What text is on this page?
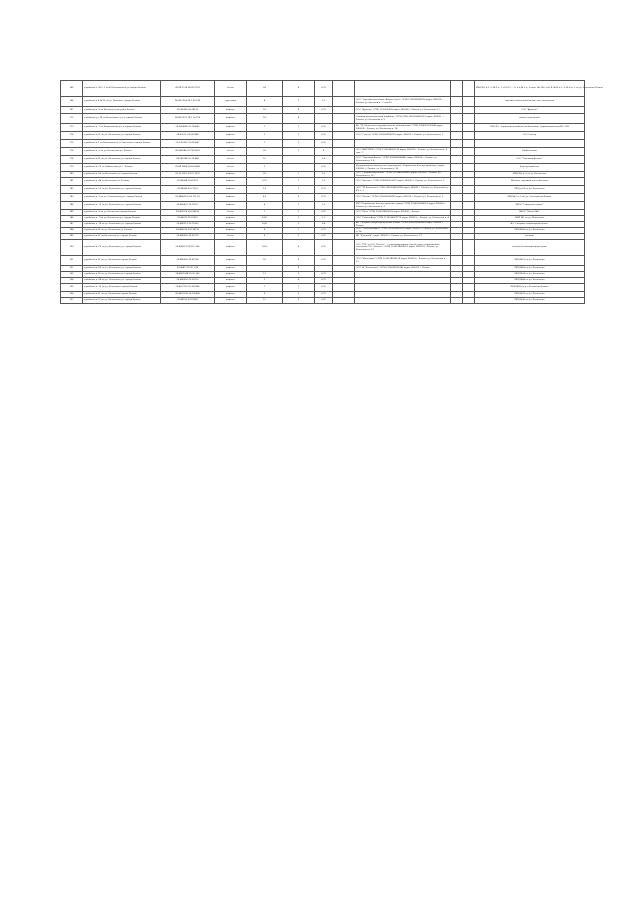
165	д.рабочие п. № 1, 1 по Б.Штативеская ул.города Рязани	28:28:7128 28:28:7129	бетон	24	4	0,75					МКД №1 д.1, 3, № 2 д. 1, 4 (9,11 — 1) и д.№ 2 д. 3 корп. №1 №2, д.4, 4, №10 д.1, 3, № 8 д. 1 по ул. Колхозная Рязань
166	д.рабочие д.6 № 33 по ул. Кремлев. города Рязани	28:48:7204 28:7 20:745	грунтовое	8	2	1,1		ООО "Торговая компания «Бизнес-Сити", ОГРН 1116234008379 адрес 390015 г. Рязань, ул. Кремлев д. 1, пом.55			торговое помещение/склад, хоз. помещения
167	д.рабочие д. 4 по Институтская улица Рязани	29:38:460 28:74573	асфальт	18	6	0,75		ООО "Ауразин" ОГРН 1120000999 адрес 390004 г. Рязань, ул. Колхозная д. 1			ООО "Ауразин"
172	д.рабочие ул. 18 по Большевист ул. в городе Рязани	28:48:7201 28:7 20:756	асфальт	18	4			Газовый промышленный комбинат, ОГРН ОГРН 1062234006123 адрес 390021, г. Рязань, ул. Колхозная д. 5			жилые помещения
173	д.рабочие д. 1 по Радищевская ул. в городе Рязани	29:38:4604 29:730043	асфальт	7	1	0,75		АО "ТК Областное государственное объединение" ОГРН 1036201210640 адрес 390023 г. Рязань, ул. Колхозная д. 14			ГБУЗ РО «Городская клиническая больница» здравоохранения МО, ГБУ
174	д.рабочие д.15 по ул. Колхозная ул. города Рязани	28:47071 28:107448	асфальт	1	1	0,75		ООО "Спектр" ОГРН 1103234008723 адрес 390013 г. Рязань, ул. Колхозная д. 1			ООО Спектр
175	д.рабочие д.1 по Кольцевая ул. в Советского города Рязани	29:130:902 29:200547	асфальт	7	2	0,75					
176	д.рабочие д. 5 по ул. Колхозная ул. Рязани	28:048788 29:7031553	бетон	26	1	8		ООО "ВЕРСТЕРН", ОГРН 1116234001019 адрес 390029 г. Рязань, ул. Колхозная д. 3, пом. 2			Щебёночный
178	д.рабочие д.25 по ул. Колхозная ул. города Рязани	28:280148 20:15:468	бетон	10		0,5		ООО "Торговый Альянс" ОГРН 1029600004401 адрес 390023 г. Рязань, ул. Колхозная д. 5 Б			ООО "Торговый Альянс"
179	д.рабочие д. 25 по Заболотная ул. г. Рязани	29:48 1485 28:24:0084	бетон	1		0,75		Муниципальное бюджетное учреждение «Управление благоустройства», адрес 390000, г. Рязань, ул. Колхозная д. 18			Благоустройство
180	д.рабочие д. 60 по Колхозная ул. города Рязани	29:70 1651 29:31 1579	асфальт	26	1	1,2		ООО "Газпромэнергосбыт" ОГРН 1113440000082, адрес 390020 г. Рязань, ул. Колхозная д. 25			МКД №5 д. 3 по ул. Колхозная
181	д.рабочие д. 44 по Колхозная ул. Рязани	29:46048 29:42093	асфальт	3,07	1	1,2		ООО "Бастион" ОГРН 1145000001097 адрес 390023 г. Рязань, ул. Колхозная д. 2			Магазин торговый центр Бастион
182	д.рабочие д. 53 по ул. Колхозная ул. города Рязани	29:48040 29:21516	асфальт	7,5	2	0,75		ООО "ТК Колхозная" ОГРН 1062234000798 адрес 390025 г. Рязань, ул. Колхозная д. 43, к. 1			МКД д.53 по ул. Колхозная
183	д.рабочие д. 1 по ул. Соколовская ул. города Рязани	29:486674 29:4 121 53	асфальт	6,5	6	0,75		ООО "Колхоз" ОГРН 1116234009283 адрес 390013 г. Рязань, ул. Колхозная д. 1			МКД №1 д. 1 по ул. Соколовская Рязань
184	д.рабочие д. 13 по ул. Колхозная ул. города Рязани	29:480437 29:78117	асфальт	4	1	1,2		МУП "Управление благоустройства города" ОГРН 1036200996521 адрес 390005 г. Рязань, ул. Колхозная д. 2			МБОУ "Городская школа"
185	д.рабочие д. 6 по ул. Колхозная города Рязани	29:461526 29:186295	бетон	1	1	0,75		ООО "Ритм" ОГРН 1106234000000 адрес 390000 г. Рязань			МБОУ "Школа №6"
186	д.рабочие д. 7 по ул. Колхозная ул. города Рязани	29:46021 29:22620	асфальт	9,42	1	1,1		ООО "Рязань-Агро" ОГРН 1116234007719 адрес 390013 г. Рязань, ул. Колхозная д. 4			МКД №7 по ул. Колхозная
187	д.рабочие д. 14 по ул. Колхозная ул. города Рязани	29:480113 29:72003	асфальт	6,26	2	0,4		АО "Газпром газораспределение Рязань" ОГРН 1026200954504 адрес 390000 г. Рязань			АО «Газпром газораспределение»
188	д.рабочие д.26 по ул. Колхозная ул. Рязани	29:480010 29:198733	асфальт	4	1	0,75		ООО "СпецТрансАвто" ОГРН 1116234009210 адрес 390013 г. Рязань, ул. Колхозная д. 26			МКД №26 по ул. Колхозная
189	д.рабочие д.27 по Колхозная ул. города Рязани	29:480000 29:21513	бетон	6	1	0,75		ИП "Кузнецов", адрес 390013 г. Рязань, ул. Колхозная д. 27			магазин
190	д.рабочие д. 23 по ул. Колхозная ул. города Рязани	29:482070 29:210 246	асфальт	32,8	6	0,75		ООО "РТК" и ООО "Колхоз" — многоквартирные жилые дома, управляющая компания ООО «Колхоз», ОГРН 1106234000321 адрес 390023 г. Рязань, ул. Колхозная д. 23			жилые многоквартирные дома
191	д.рабочие д.21 по ул. Колхозная города Рязани	29:480000 29:47028	асфальт	16	6	0,75		ООО "Жилсервис" ОГРН 1116234006114 адрес 390013 г. Рязань, ул. Колхозная д. 21			МКД №21 по ул. Колхозная
192	д.рабочие д. 83 по ул. Колхозная ул. города Рязани	29:4681 29:237 228	асфальт		4			ООО УК "Колхозная", ОГРН 1116234012345 адрес 390013 г. Рязань			МКД №83 по ул. Колхозная
193	д.рабочие д.14 по ул. Колхозная ул. города Рязани	29:4801048 29:30 143	асфальт	11	2	0,75					МКД №14 по ул. Колхозная
194	д.рабочие д. 68 по ул. Колхозная ул. города Рязани	29:480000 29:22010	асфальт	2	4	0,75					МКД №68 по ул. Колхозная
195	д.рабочие д. 35 по ул. Колхозная города Рязани	29:48 1913 29:725944	асфальт	7	1	0,75					МКД №35 по ул. Колхозная Рязань
196	д.рабочие д.31 по ул. Колхозная города Рязани	28:4807108 29:700458	асфальт	9	2	0,75					МКД №31 по ул. Колхозная
197	д.рабочие д.10 по ул. Колхозная ул. города Рязани	29:48010 29:20049	асфальт	12	2	0,75					МКД №10 по ул. Колхозная
